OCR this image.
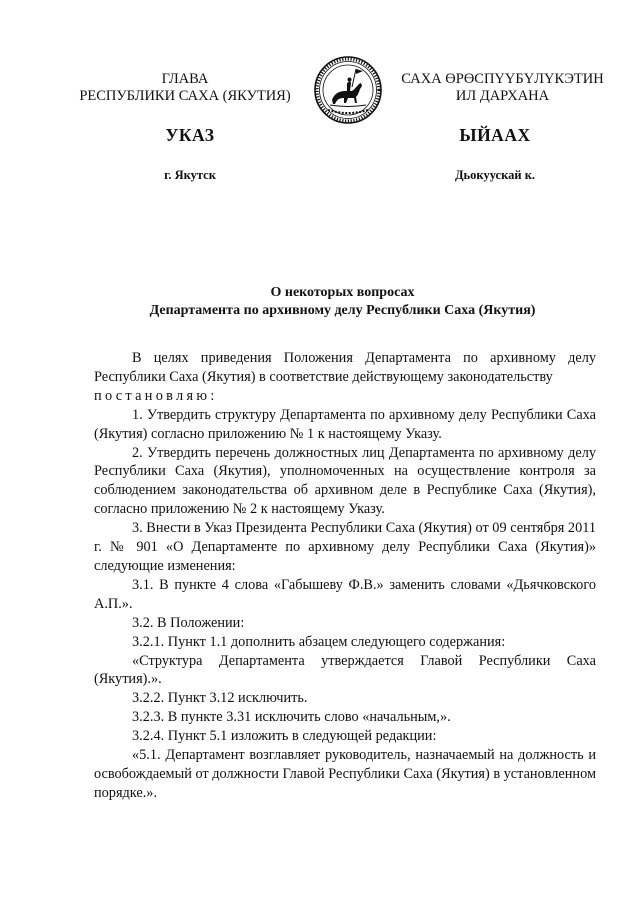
ГЛАВА
РЕСПУБЛИКИ САХА (ЯКУТИЯ)
САХА ӨРӨСПҮҮБҮЛҮКЭТИН
ИЛ ДАРХАНА
УКАЗ	ЫЙААХ
г. Якутск	Дьокуускай к.
О некоторых вопросах
Департамента по архивному делу Республики Саха (Якутия)

В целях приведения Положения Департамента по архивному делу Республики Саха (Якутия) в соответствие действующему законодательству

постановляю:

1. Утвердить структуру Департамента по архивному делу Республики Саха (Якутия) согласно приложению № 1 к настоящему Указу.

2. Утвердить перечень должностных лиц Департамента по архивному делу Республики Саха (Якутия), уполномоченных на осуществление контроля за соблюдением законодательства об архивном деле в Республике Саха (Якутия), согласно приложению № 2 к настоящему Указу.

3. Внести в Указ Президента Республики Саха (Якутия) от 09 сентября 2011 г. № 901 «О Департаменте по архивному делу Республики Саха (Якутия)» следующие изменения:

3.1. В пункте 4 слова «Габышеву Ф.В.» заменить словами «Дьячковского А.П.».

3.2. В Положении:

3.2.1. Пункт 1.1 дополнить абзацем следующего содержания:

«Структура Департамента утверждается Главой Республики Саха (Якутия).».

3.2.2. Пункт 3.12 исключить.

3.2.3. В пункте 3.31 исключить слово «начальным,».

3.2.4. Пункт 5.1 изложить в следующей редакции:

«5.1. Департамент возглавляет руководитель, назначаемый на должность и освобождаемый от должности Главой Республики Саха (Якутия) в установленном порядке.».
